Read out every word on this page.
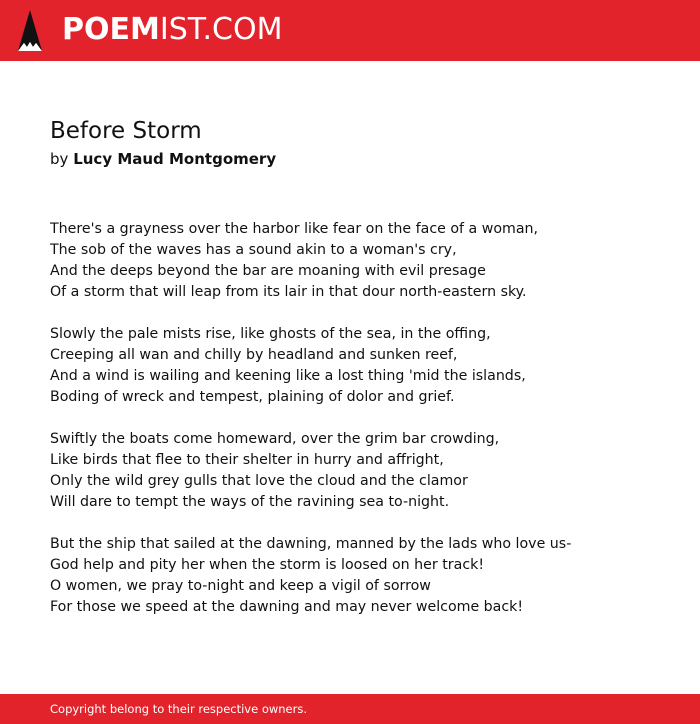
POEMIST.COM
Before Storm
by Lucy Maud Montgomery
There's a grayness over the harbor like fear on the face of a woman,
The sob of the waves has a sound akin to a woman's cry,
And the deeps beyond the bar are moaning with evil presage
Of a storm that will leap from its lair in that dour north-eastern sky.
Slowly the pale mists rise, like ghosts of the sea, in the offing,
Creeping all wan and chilly by headland and sunken reef,
And a wind is wailing and keening like a lost thing 'mid the islands,
Boding of wreck and tempest, plaining of dolor and grief.
Swiftly the boats come homeward, over the grim bar crowding,
Like birds that flee to their shelter in hurry and affright,
Only the wild grey gulls that love the cloud and the clamor
Will dare to tempt the ways of the ravining sea to-night.
But the ship that sailed at the dawning, manned by the lads who love us-
God help and pity her when the storm is loosed on her track!
O women, we pray to-night and keep a vigil of sorrow
For those we speed at the dawning and may never welcome back!
Copyright belong to their respective owners.
